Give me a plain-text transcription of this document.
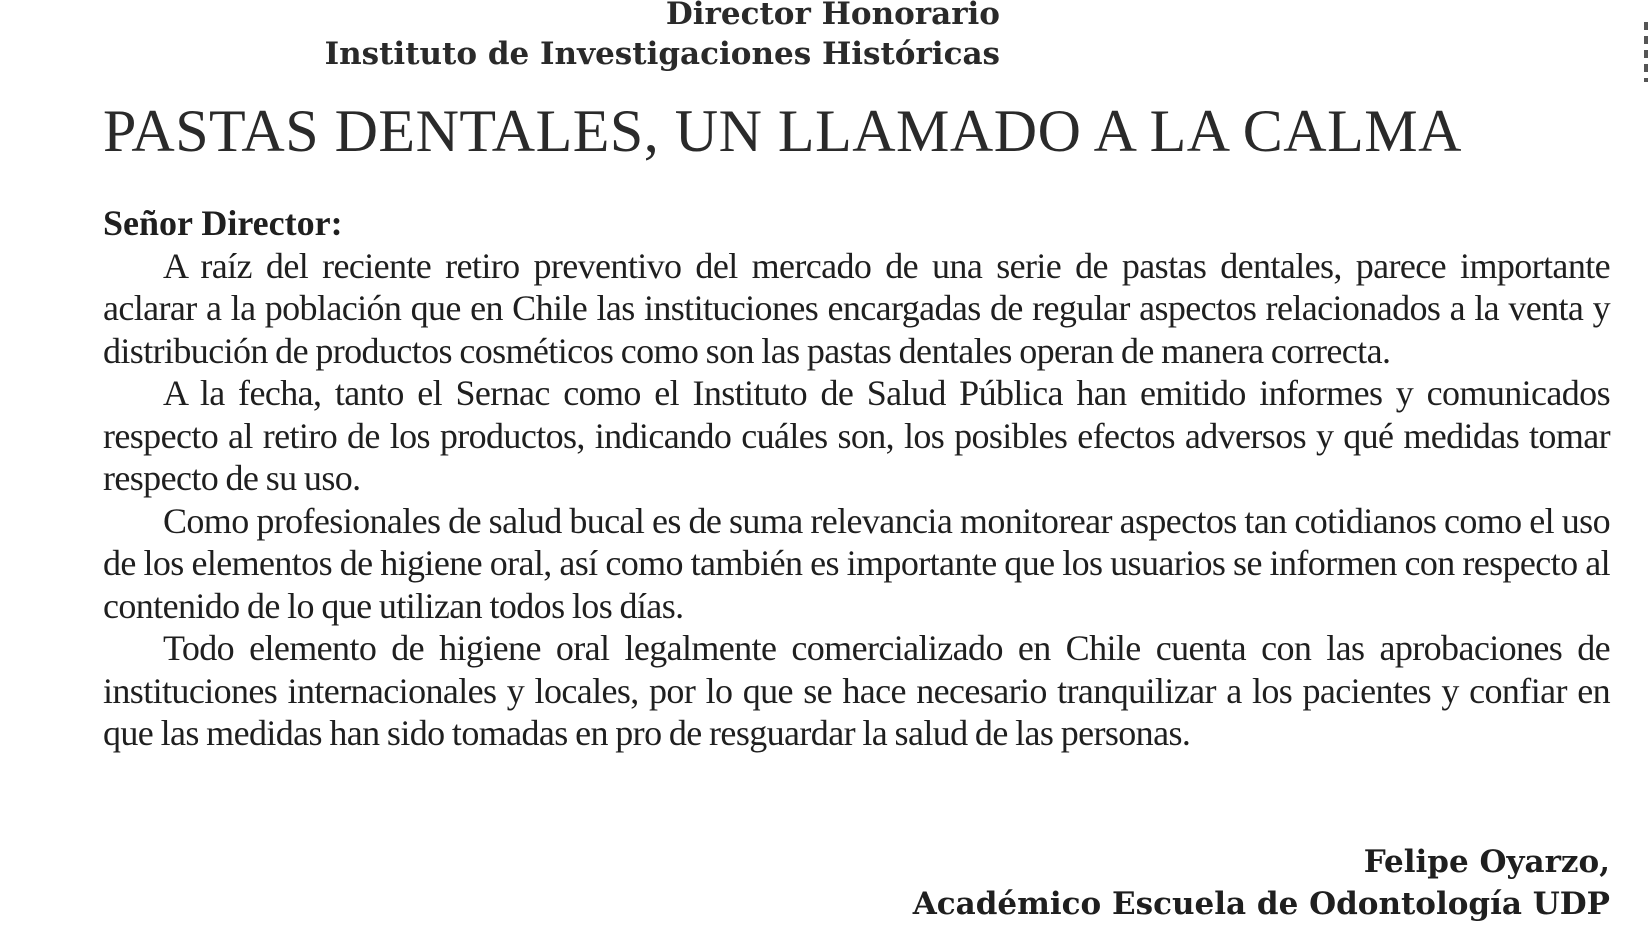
Director Honorario
Instituto de Investigaciones Históricas
PASTAS DENTALES, UN LLAMADO A LA CALMA

Señor Director:

A raíz del reciente retiro preventivo del mercado de una serie de pastas dentales, parece importante aclarar a la población que en Chile las instituciones encargadas de regular aspectos relacionados a la venta y distribución de productos cosméticos como son las pastas dentales operan de manera correcta.

A la fecha, tanto el Sernac como el Instituto de Salud Pública han emitido informes y comunicados respecto al retiro de los productos, indicando cuáles son, los posibles efectos adversos y qué medidas tomar respecto de su uso.

Como profesionales de salud bucal es de suma relevancia monitorear aspectos tan cotidianos como el uso de los elementos de higiene oral, así como también es importante que los usuarios se informen con respecto al contenido de lo que utilizan todos los días.

Todo elemento de higiene oral legalmente comercializado en Chile cuenta con las aprobaciones de instituciones internacionales y locales, por lo que se hace necesario tranquilizar a los pacientes y confiar en que las medidas han sido tomadas en pro de resguardar la salud de las personas.

Felipe Oyarzo,
Académico Escuela de Odontología UDP
